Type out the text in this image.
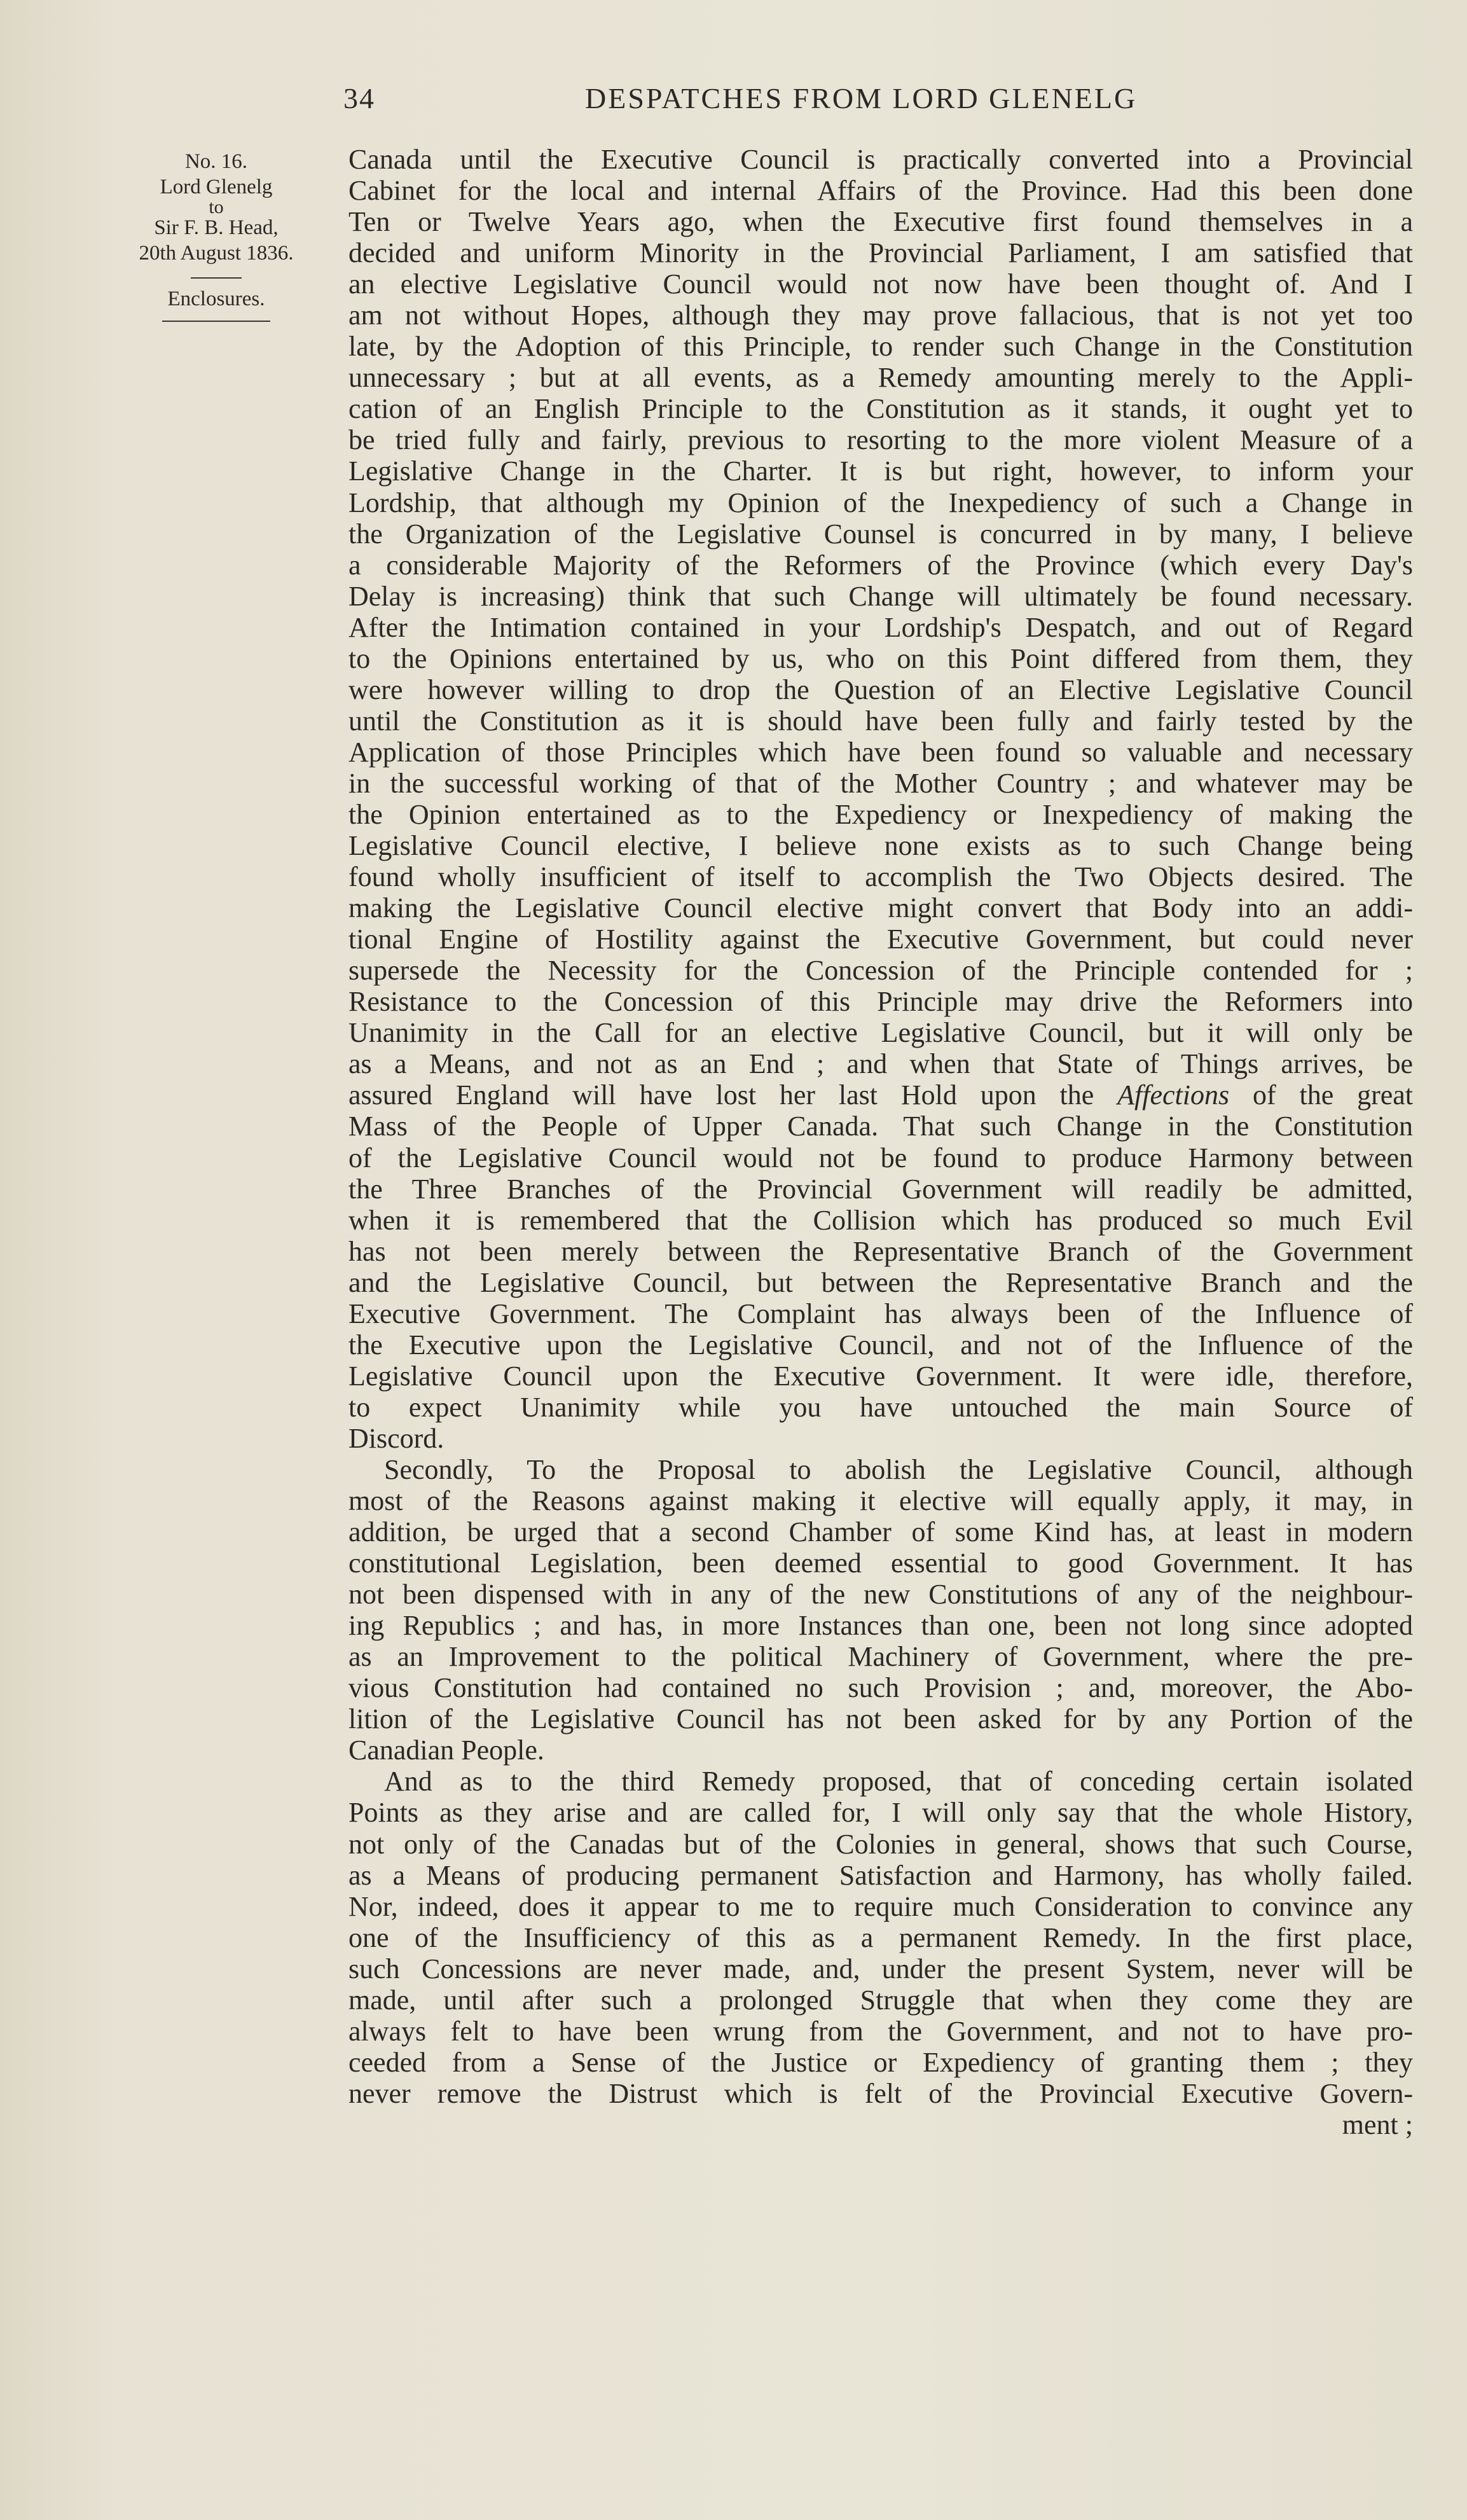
34	DESPATCHES FROM LORD GLENELG
No. 16.
Lord Glenelg
to
Sir F. B. Head,
20th August 1836.
Enclosures.
Canada until the Executive Council is practically converted into a Provincial
Cabinet for the local and internal Affairs of the Province. Had this been done
Ten or Twelve Years ago, when the Executive first found themselves in a
decided and uniform Minority in the Provincial Parliament, I am satisfied that
an elective Legislative Council would not now have been thought of. And I
am not without Hopes, although they may prove fallacious, that is not yet too
late, by the Adoption of this Principle, to render such Change in the Constitution
unnecessary ; but at all events, as a Remedy amounting merely to the Appli-
cation of an English Principle to the Constitution as it stands, it ought yet to
be tried fully and fairly, previous to resorting to the more violent Measure of a
Legislative Change in the Charter. It is but right, however, to inform your
Lordship, that although my Opinion of the Inexpediency of such a Change in
the Organization of the Legislative Counsel is concurred in by many, I believe
a considerable Majority of the Reformers of the Province (which every Day's
Delay is increasing) think that such Change will ultimately be found necessary.
After the Intimation contained in your Lordship's Despatch, and out of Regard
to the Opinions entertained by us, who on this Point differed from them, they
were however willing to drop the Question of an Elective Legislative Council
until the Constitution as it is should have been fully and fairly tested by the
Application of those Principles which have been found so valuable and necessary
in the successful working of that of the Mother Country ; and whatever may be
the Opinion entertained as to the Expediency or Inexpediency of making the
Legislative Council elective, I believe none exists as to such Change being
found wholly insufficient of itself to accomplish the Two Objects desired. The
making the Legislative Council elective might convert that Body into an addi-
tional Engine of Hostility against the Executive Government, but could never
supersede the Necessity for the Concession of the Principle contended for ;
Resistance to the Concession of this Principle may drive the Reformers into
Unanimity in the Call for an elective Legislative Council, but it will only be
as a Means, and not as an End ; and when that State of Things arrives, be
assured England will have lost her last Hold upon the Affections of the great
Mass of the People of Upper Canada. That such Change in the Constitution
of the Legislative Council would not be found to produce Harmony between
the Three Branches of the Provincial Government will readily be admitted,
when it is remembered that the Collision which has produced so much Evil
has not been merely between the Representative Branch of the Government
and the Legislative Council, but between the Representative Branch and the
Executive Government. The Complaint has always been of the Influence of
the Executive upon the Legislative Council, and not of the Influence of the
Legislative Council upon the Executive Government. It were idle, therefore,
to expect Unanimity while you have untouched the main Source of
Discord.
Secondly, To the Proposal to abolish the Legislative Council, although
most of the Reasons against making it elective will equally apply, it may, in
addition, be urged that a second Chamber of some Kind has, at least in modern
constitutional Legislation, been deemed essential to good Government. It has
not been dispensed with in any of the new Constitutions of any of the neighbour-
ing Republics ; and has, in more Instances than one, been not long since adopted
as an Improvement to the political Machinery of Government, where the pre-
vious Constitution had contained no such Provision ; and, moreover, the Abo-
lition of the Legislative Council has not been asked for by any Portion of the
Canadian People.
And as to the third Remedy proposed, that of conceding certain isolated
Points as they arise and are called for, I will only say that the whole History,
not only of the Canadas but of the Colonies in general, shows that such Course,
as a Means of producing permanent Satisfaction and Harmony, has wholly failed.
Nor, indeed, does it appear to me to require much Consideration to convince any
one of the Insufficiency of this as a permanent Remedy. In the first place,
such Concessions are never made, and, under the present System, never will be
made, until after such a prolonged Struggle that when they come they are
always felt to have been wrung from the Government, and not to have pro-
ceeded from a Sense of the Justice or Expediency of granting them ; they
never remove the Distrust which is felt of the Provincial Executive Govern-
ment ;
